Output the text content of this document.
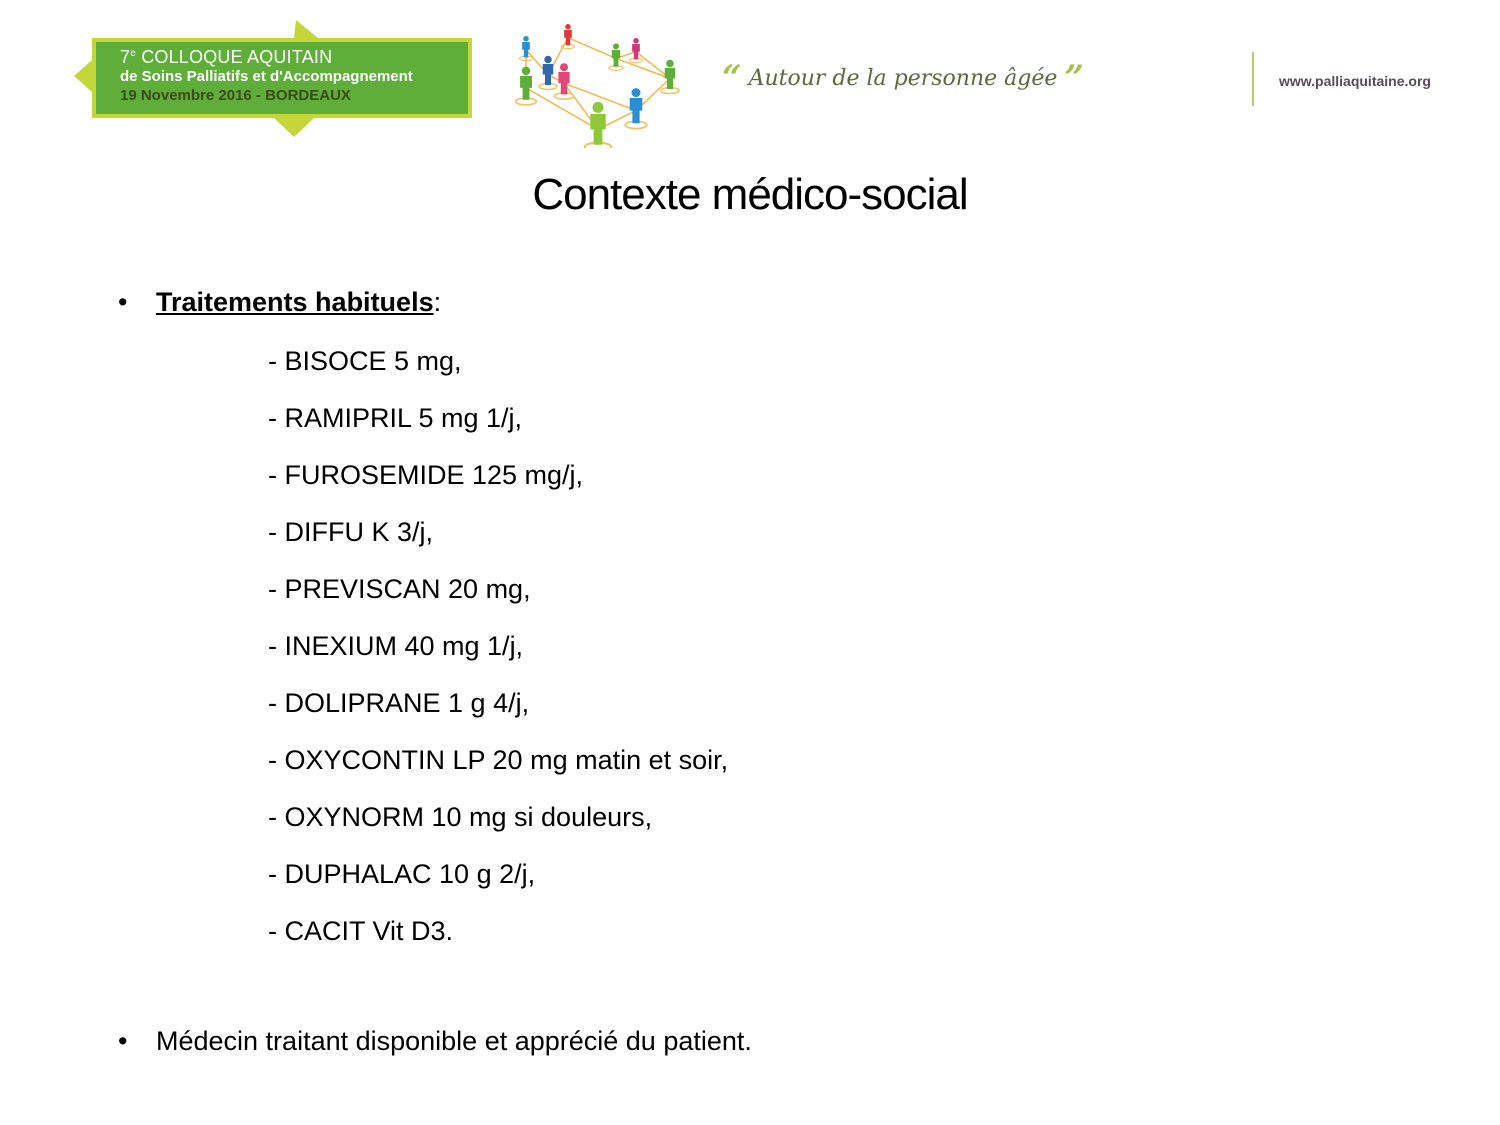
7e COLLOQUE AQUITAIN
de Soins Palliatifs et d'Accompagnement
19 Novembre 2016 - BORDEAUX	“ Autour de la personne âgée ”	www.palliaquitaine.org
Contexte médico-social
• Traitements habituels:
- BISOCE 5 mg,
- RAMIPRIL 5 mg 1/j,
- FUROSEMIDE 125 mg/j,
- DIFFU K 3/j,
- PREVISCAN 20 mg,
- INEXIUM 40 mg 1/j,
- DOLIPRANE 1 g 4/j,
- OXYCONTIN LP 20 mg matin et soir,
- OXYNORM 10 mg si douleurs,
- DUPHALAC 10 g 2/j,
- CACIT Vit D3.
• Médecin traitant disponible et apprécié du patient.
